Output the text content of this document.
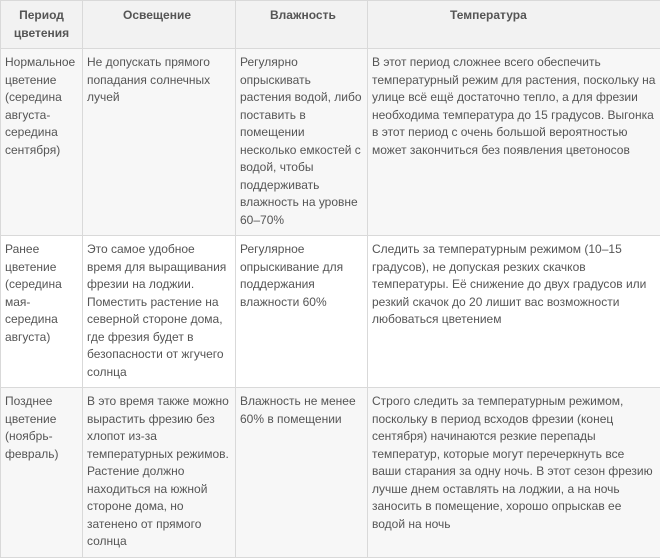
Период цветения	Освещение	Влажность	Температура
Нормальное цветение (середина августа-середина сентября)	Не допускать прямого попадания солнечных лучей	Регулярно опрыскивать растения водой, либо поставить в помещении несколько емкостей с водой, чтобы поддерживать влажность на уровне 60–70%	В этот период сложнее всего обеспечить температурный режим для растения, поскольку на улице всё ещё достаточно тепло, а для фрезии необходима температура до 15 градусов. Выгонка в этот период с очень большой вероятностью может закончиться без появления цветоносов
Ранее цветение (середина мая-середина августа)	Это самое удобное время для выращивания фрезии на лоджии. Поместить растение на северной стороне дома, где фрезия будет в безопасности от жгучего солнца	Регулярное опрыскивание для поддержания влажности 60%	Следить за температурным режимом (10–15 градусов), не допуская резких скачков температуры. Её снижение до двух градусов или резкий скачок до 20 лишит вас возможности любоваться цветением
Позднее цветение (ноябрь-февраль)	В это время также можно вырастить фрезию без хлопот из-за температурных режимов. Растение должно находиться на южной стороне дома, но затенено от прямого солнца	Влажность не менее 60% в помещении	Строго следить за температурным режимом, поскольку в период всходов фрезии (конец сентября) начинаются резкие перепады температур, которые могут перечеркнуть все ваши старания за одну ночь. В этот сезон фрезию лучше днем оставлять на лоджии, а на ночь заносить в помещение, хорошо опрыскав ее водой на ночь
